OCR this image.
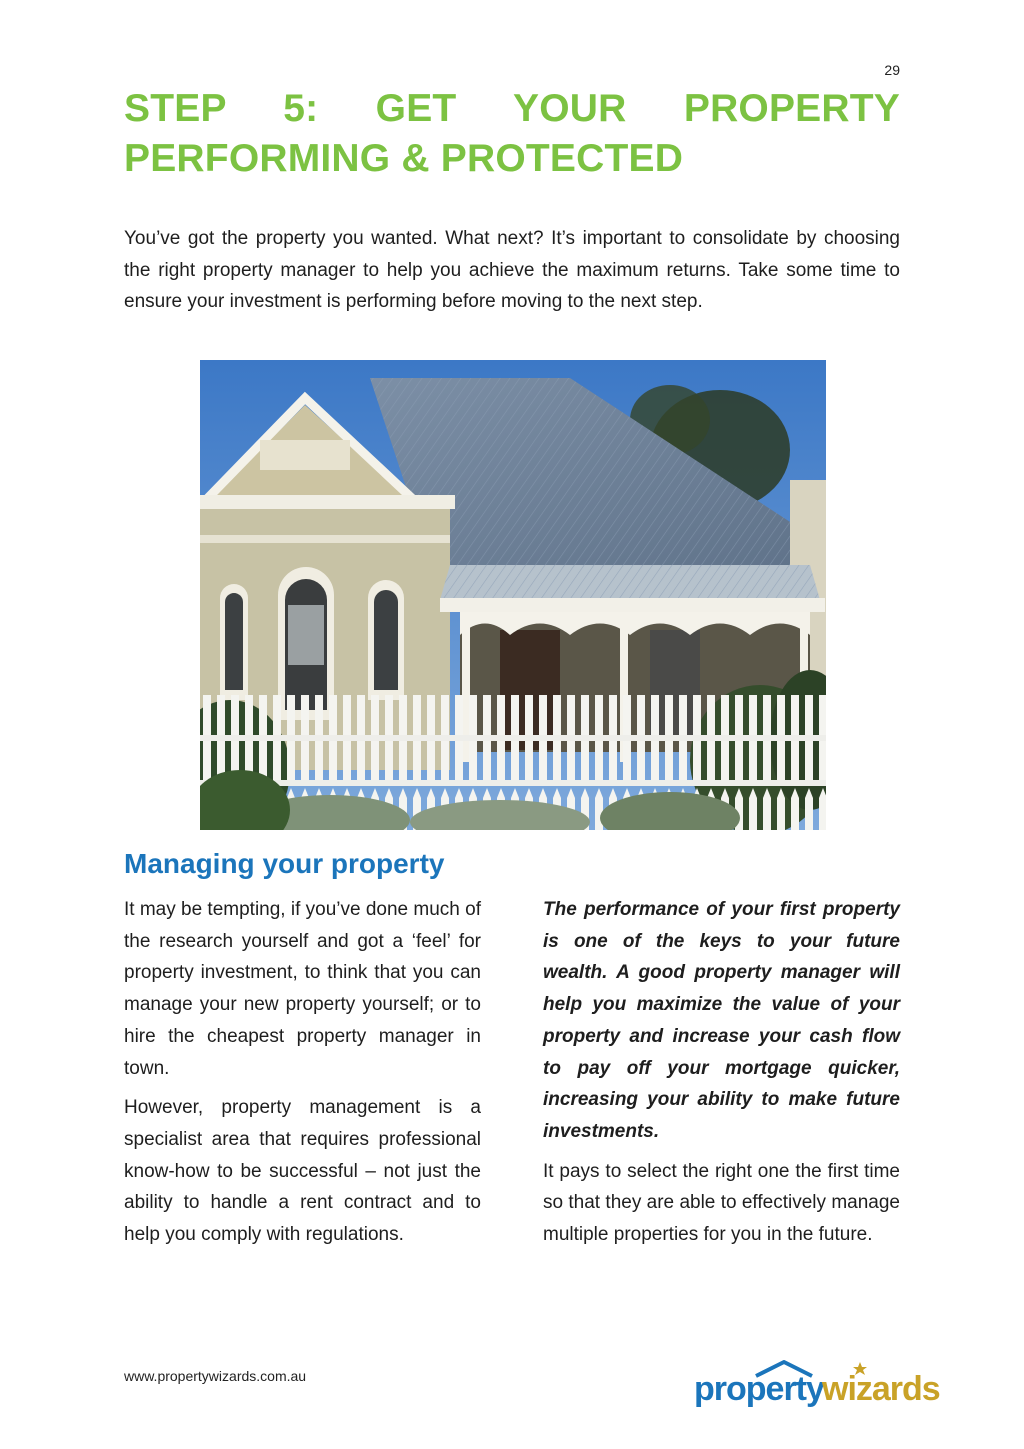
29
STEP 5: GET YOUR PROPERTY
PERFORMING & PROTECTED

You’ve got the property you wanted. What next? It’s important to consolidate by choosing the right property manager to help you achieve the maximum returns. Take some time to ensure your investment is performing before moving to the next step.

Managing your property

It may be tempting, if you’ve done much of the research yourself and got a ‘feel’ for property investment, to think that you can manage your new property yourself; or to hire the cheapest property manager in town.

However, property management is a specialist area that requires professional know-how to be successful – not just the ability to handle a rent contract and to help you comply with regulations.

The performance of your first property is one of the keys to your future wealth. A good property manager will help you maximize the value of your property and increase your cash flow to pay off your mortgage quicker, increasing your ability to make future investments.

It pays to select the right one the first time so that they are able to effectively manage multiple properties for you in the future.

www.propertywizards.com.au	property
wizards
